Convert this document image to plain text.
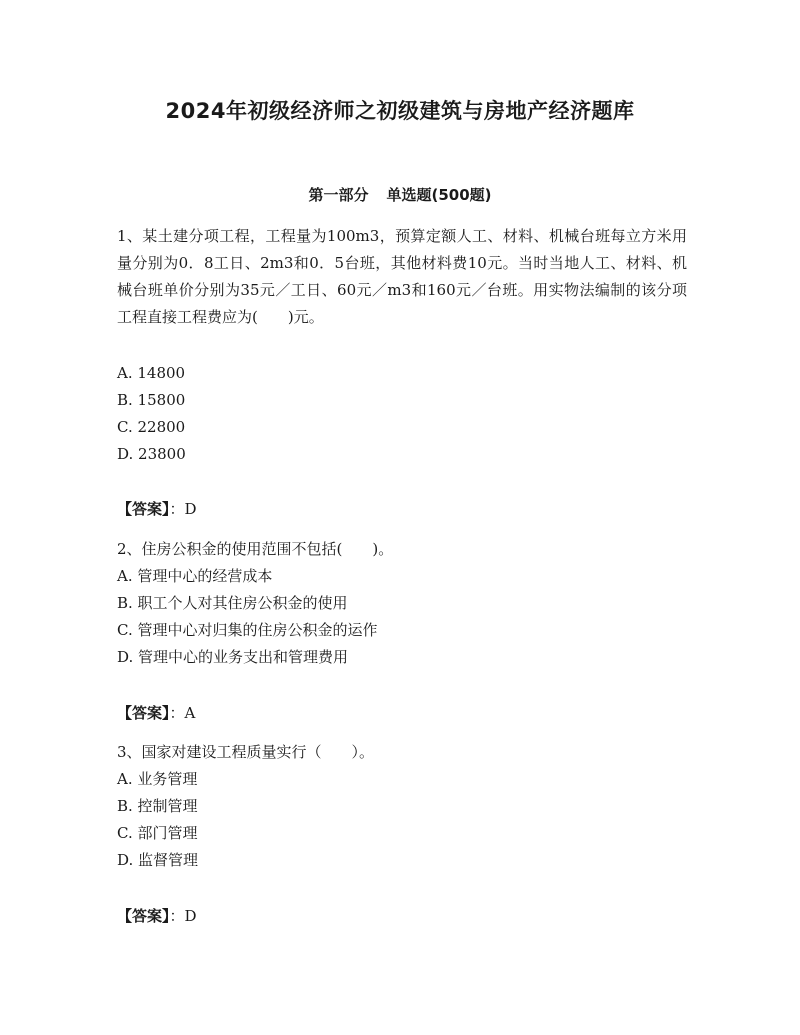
2024年初级经济师之初级建筑与房地产经济题库
第一部分 单选题(500题)
1、某土建分项工程，工程量为100m3，预算定额人工、材料、机械台班每立方米用量分别为0．8工日、2m3和0．5台班，其他材料费10元。当时当地人工、材料、机械台班单价分别为35元／工日、60元／m3和160元／台班。用实物法编制的该分项工程直接工程费应为(　　)元。
A. 14800
B. 15800
C. 22800
D. 23800
【答案】：D
2、住房公积金的使用范围不包括(　　)。
A. 管理中心的经营成本
B. 职工个人对其住房公积金的使用
C. 管理中心对归集的住房公积金的运作
D. 管理中心的业务支出和管理费用
【答案】：A
3、国家对建设工程质量实行（　　）。
A. 业务管理
B. 控制管理
C. 部门管理
D. 监督管理
【答案】：D
